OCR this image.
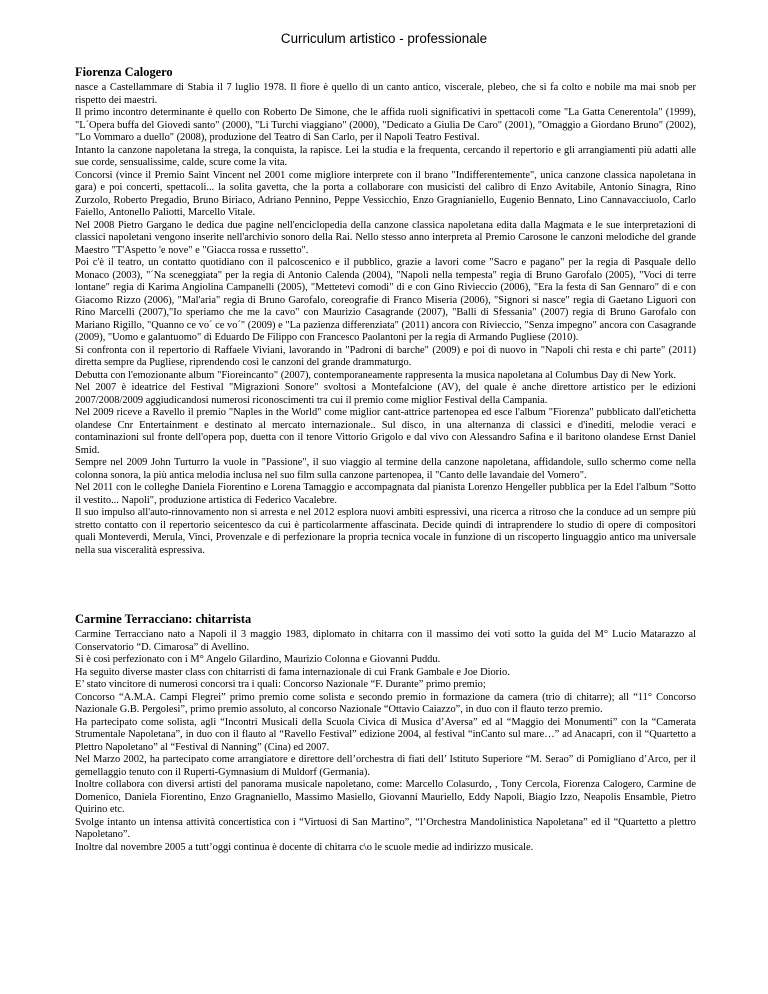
Curriculum artistico - professionale
Fiorenza Calogero

nasce a Castellammare di Stabia il 7 luglio 1978. Il fiore è quello di un canto antico, viscerale, plebeo, che si fa colto e nobile ma mai snob per rispetto dei maestri.

Il primo incontro determinante è quello con Roberto De Simone, che le affida ruoli significativi in spettacoli come "La Gatta Cenerentola" (1999), "L´Opera buffa del Giovedì santo" (2000), "Li Turchi viaggiano" (2000), "Dedicato a Giulia De Caro" (2001), "Omaggio a Giordano Bruno" (2002), "Lo Vommaro a duello" (2008), produzione del Teatro di San Carlo, per il Napoli Teatro Festival.

Intanto la canzone napoletana la strega, la conquista, la rapisce. Lei la studia e la frequenta, cercando il repertorio e gli arrangiamenti più adatti alle sue corde, sensualissime, calde, scure come la vita.

Concorsi (vince il Premio Saint Vincent nel 2001 come migliore interprete con il brano "Indifferentemente", unica canzone classica napoletana in gara) e poi concerti, spettacoli... la solita gavetta, che la porta a collaborare con musicisti del calibro di Enzo Avitabile, Antonio Sinagra, Rino Zurzolo, Roberto Pregadio, Bruno Biriaco, Adriano Pennino, Peppe Vessicchio, Enzo Gragnianiello, Eugenio Bennato, Lino Cannavacciuolo, Carlo Faiello, Antonello Paliotti, Marcello Vitale.

Nel 2008 Pietro Gargano le dedica due pagine nell'enciclopedia della canzone classica napoletana edita dalla Magmata e le sue interpretazioni di classici napoletani vengono inserite nell'archivio sonoro della Rai. Nello stesso anno interpreta al Premio Carosone le canzoni melodiche del grande Maestro "T'Aspetto 'e nove" e "Giacca rossa e russetto".

Poi c'è il teatro, un contatto quotidiano con il palcoscenico e il pubblico, grazie a lavori come "Sacro e pagano" per la regia di Pasquale dello Monaco (2003), "´Na sceneggiata" per la regia di Antonio Calenda (2004), "Napoli nella tempesta" regia di Bruno Garofalo (2005), "Voci di terre lontane" regia di Karima Angiolina Campanelli (2005), "Mettetevi comodi" di e con Gino Rivieccio (2006), "Era la festa di San Gennaro" di e con Giacomo Rizzo (2006), "Mal'aria" regia di Bruno Garofalo, coreografie di Franco Miseria (2006), "Signori si nasce" regia di Gaetano Liguori con Rino Marcelli (2007),"Io speriamo che me la cavo" con Maurizio Casagrande (2007), "Balli di Sfessania" (2007) regia di Bruno Garofalo con Mariano Rigillo, "Quanno ce vo´ ce vo´" (2009) e "La pazienza differenziata" (2011) ancora con Rivieccio, "Senza impegno" ancora con Casagrande (2009), "Uomo e galantuomo" di Eduardo De Filippo con Francesco Paolantoni per la regia di Armando Pugliese (2010).

Si confronta con il repertorio di Raffaele Viviani, lavorando in "Padroni di barche" (2009) e poi di nuovo in "Napoli chi resta e chi parte" (2011) diretta sempre da Pugliese, riprendendo così le canzoni del grande drammaturgo.

Debutta con l'emozionante album "Fioreincanto" (2007), contemporaneamente rappresenta la musica napoletana al Columbus Day di New York.

Nel 2007 è ideatrice del Festival "Migrazioni Sonore" svoltosi a Montefalcione (AV), del quale è anche direttore artistico per le edizioni 2007/2008/2009 aggiudicandosi numerosi riconoscimenti tra cui il premio come miglior Festival della Campania.

Nel 2009 riceve a Ravello il premio "Naples in the World" come miglior cant-attrice partenopea ed esce l'album "Fiorenza" pubblicato dall'etichetta olandese Cnr Entertainment e destinato al mercato internazionale.. Sul disco, in una alternanza di classici e d'inediti, melodie veraci e contaminazioni sul fronte dell'opera pop, duetta con il tenore Vittorio Grigolo e dal vivo con Alessandro Safina e il baritono olandese Ernst Daniel Smid.

Sempre nel 2009 John Turturro la vuole in "Passione", il suo viaggio al termine della canzone napoletana, affidandole, sullo schermo come nella colonna sonora, la più antica melodia inclusa nel suo film sulla canzone partenopea, il "Canto delle lavandaie del Vomero".

Nel 2011 con le colleghe Daniela Fiorentino e Lorena Tamaggio e accompagnata dal pianista Lorenzo Hengeller pubblica per la Edel l'album "Sotto il vestito... Napoli", produzione artistica di Federico Vacalebre.

Il suo impulso all'auto-rinnovamento non si arresta e nel 2012 esplora nuovi ambiti espressivi, una ricerca a ritroso che la conduce ad un sempre più stretto contatto con il repertorio seicentesco da cui è particolarmente affascinata. Decide quindi di intraprendere lo studio di opere di compositori quali Monteverdi, Merula, Vinci, Provenzale e di perfezionare la propria tecnica vocale in funzione di un riscoperto linguaggio antico ma universale nella sua visceralità espressiva.

Carmine Terracciano: chitarrista

Carmine Terracciano nato a Napoli il 3 maggio 1983, diplomato in chitarra con il massimo dei voti sotto la guida del M° Lucio Matarazzo al Conservatorio “D. Cimarosa” di Avellino.

Si è così perfezionato con i M° Angelo Gilardino, Maurizio Colonna e Giovanni Puddu.

Ha seguito diverse master class con chitarristi di fama internazionale di cui Frank Gambale e Joe Diorio.

E’ stato vincitore di numerosi concorsi tra i quali: Concorso Nazionale “F. Durante” primo premio;

Concorso “A.M.A. Campi Flegrei” primo premio come solista e secondo premio in formazione da camera (trio di chitarre); all “11° Concorso Nazionale G.B. Pergolesi”, primo premio assoluto, al concorso Nazionale “Ottavio Caiazzo”, in duo con il flauto terzo premio.

Ha partecipato come solista, agli “Incontri Musicali della Scuola Civica di Musica d’Aversa” ed al “Maggio dei Monumenti” con la “Camerata Strumentale Napoletana”, in duo con il flauto al “Ravello Festival” edizione 2004, al festival “inCanto sul mare…” ad Anacapri, con il “Quartetto a Plettro Napoletano” al “Festival di Nanning” (Cina) ed 2007.

Nel Marzo 2002, ha partecipato come arrangiatore e direttore dell’orchestra di fiati dell’ Istituto Superiore “M. Serao” di Pomigliano d’Arco, per il gemellaggio tenuto con il Ruperti-Gymnasium di Muldorf (Germania).

Inoltre collabora con diversi artisti del panorama musicale napoletano, come: Marcello Colasurdo, , Tony Cercola, Fiorenza Calogero, Carmine de Domenico, Daniela Fiorentino, Enzo Gragnaniello, Massimo Masiello, Giovanni Mauriello, Eddy Napoli, Biagio Izzo, Neapolis Ensamble, Pietro Quirino etc.

Svolge intanto un intensa attività concertistica con i “Virtuosi di San Martino”, “l’Orchestra Mandolinistica Napoletana” ed il “Quartetto a plettro Napoletano”.

Inoltre dal novembre 2005 a tutt’oggi continua è docente di chitarra c\o le scuole medie ad indirizzo musicale.
